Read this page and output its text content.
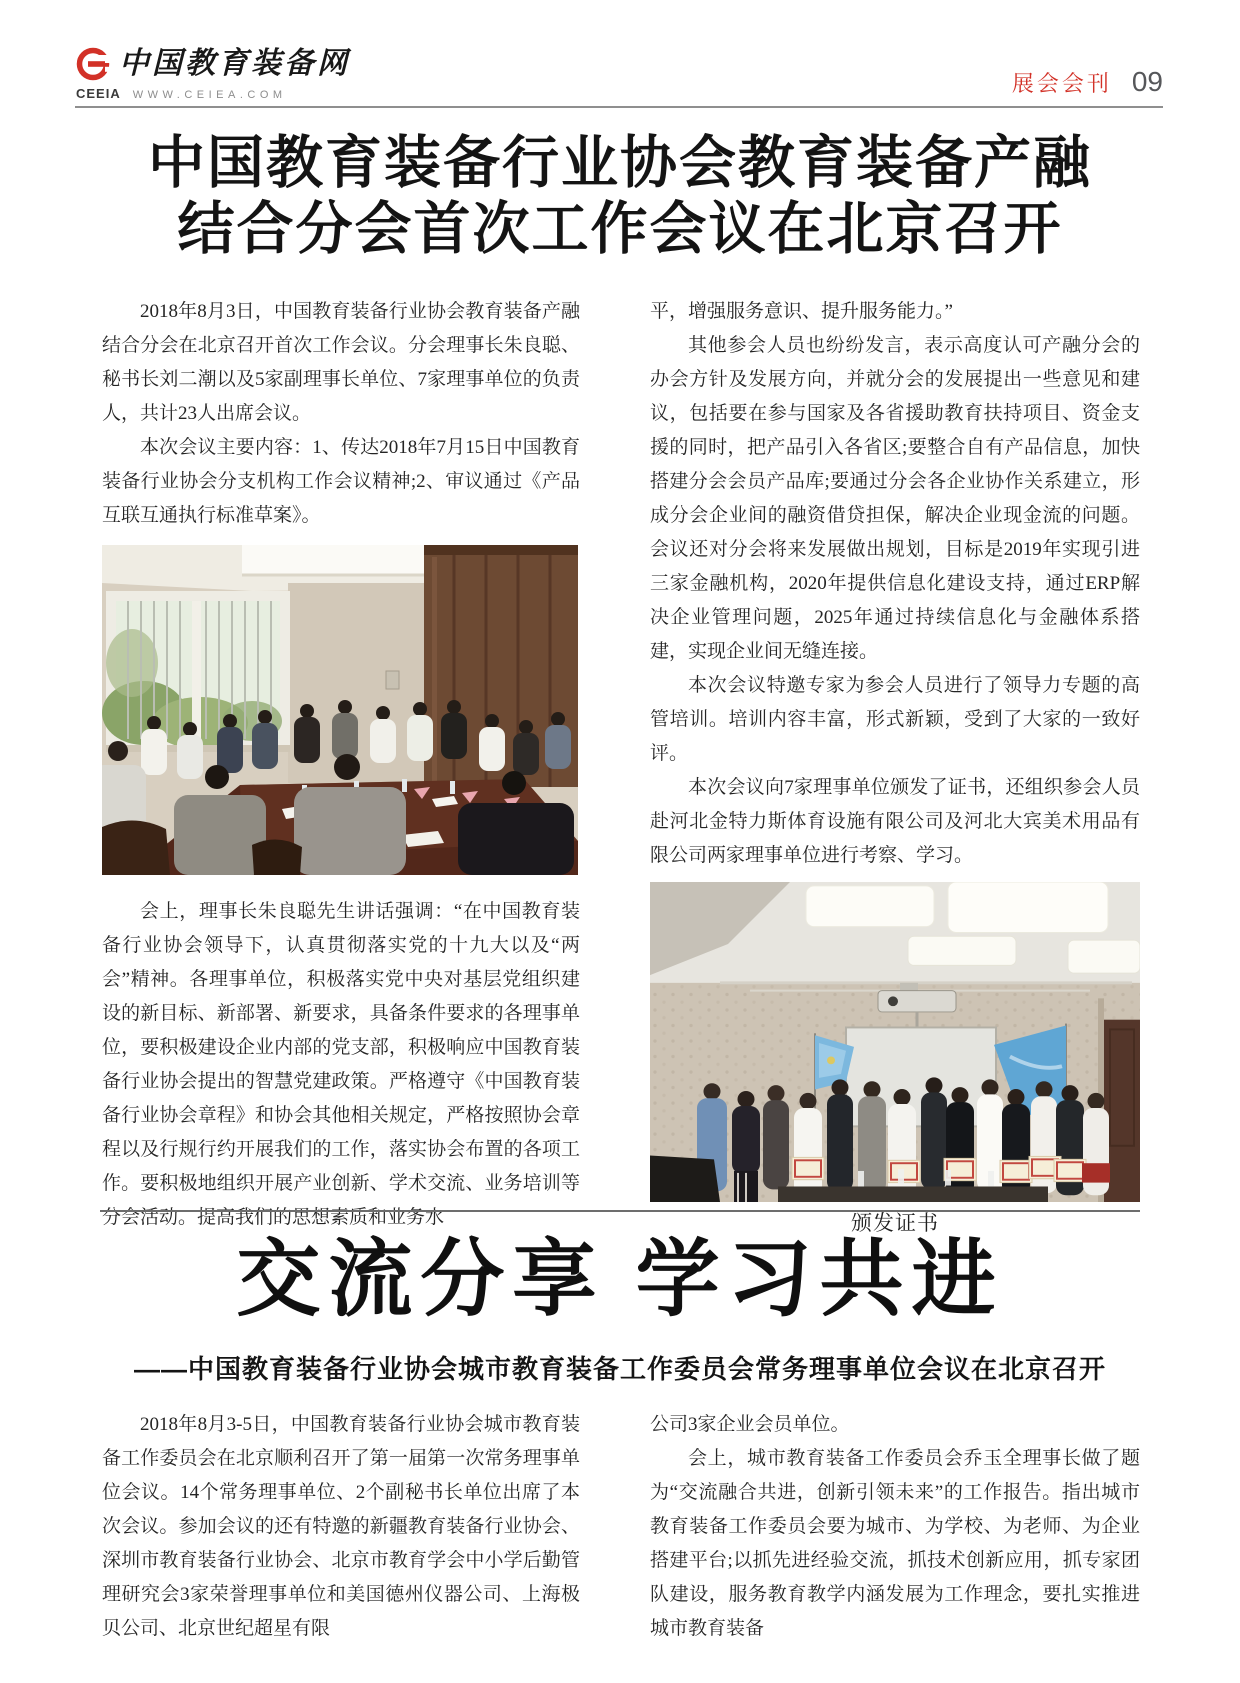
中国教育装备网
CEEIA WWW.CEIEA.COM	展会会刊 09
中国教育装备行业协会教育装备产融
结合分会首次工作会议在北京召开

2018年8月3日，中国教育装备行业协会教育装备产融结合分会在北京召开首次工作会议。分会理事长朱良聪、秘书长刘二潮以及5家副理事长单位、7家理事单位的负责人，共计23人出席会议。

本次会议主要内容：1、传达2018年7月15日中国教育装备行业协会分支机构工作会议精神;2、审议通过《产品互联互通执行标准草案》。

会上，理事长朱良聪先生讲话强调：“在中国教育装备行业协会领导下，认真贯彻落实党的十九大以及“两会”精神。各理事单位，积极落实党中央对基层党组织建设的新目标、新部署、新要求，具备条件要求的各理事单位，要积极建设企业内部的党支部，积极响应中国教育装备行业协会提出的智慧党建政策。严格遵守《中国教育装备行业协会章程》和协会其他相关规定，严格按照协会章程以及行规行约开展我们的工作，落实协会布置的各项工作。要积极地组织开展产业创新、学术交流、业务培训等分会活动。提高我们的思想素质和业务水

平，增强服务意识、提升服务能力。”

其他参会人员也纷纷发言，表示高度认可产融分会的办会方针及发展方向，并就分会的发展提出一些意见和建议，包括要在参与国家及各省援助教育扶持项目、资金支援的同时，把产品引入各省区;要整合自有产品信息，加快搭建分会会员产品库;要通过分会各企业协作关系建立，形成分会企业间的融资借贷担保，解决企业现金流的问题。会议还对分会将来发展做出规划，目标是2019年实现引进三家金融机构，2020年提供信息化建设支持，通过ERP解决企业管理问题，2025年通过持续信息化与金融体系搭建，实现企业间无缝连接。

本次会议特邀专家为参会人员进行了领导力专题的高管培训。培训内容丰富，形式新颖，受到了大家的一致好评。

本次会议向7家理事单位颁发了证书，还组织参会人员赴河北金特力斯体育设施有限公司及河北大宾美术用品有限公司两家理事单位进行考察、学习。

颁发证书
交流分享 学习共进
——中国教育装备行业协会城市教育装备工作委员会常务理事单位会议在北京召开

2018年8月3-5日，中国教育装备行业协会城市教育装备工作委员会在北京顺利召开了第一届第一次常务理事单位会议。14个常务理事单位、2个副秘书长单位出席了本次会议。参加会议的还有特邀的新疆教育装备行业协会、深圳市教育装备行业协会、北京市教育学会中小学后勤管理研究会3家荣誉理事单位和美国德州仪器公司、上海极贝公司、北京世纪超星有限

公司3家企业会员单位。

会上，城市教育装备工作委员会乔玉全理事长做了题为“交流融合共进，创新引领未来”的工作报告。指出城市教育装备工作委员会要为城市、为学校、为老师、为企业搭建平台;以抓先进经验交流，抓技术创新应用，抓专家团队建设，服务教育教学内涵发展为工作理念，要扎实推进城市教育装备
